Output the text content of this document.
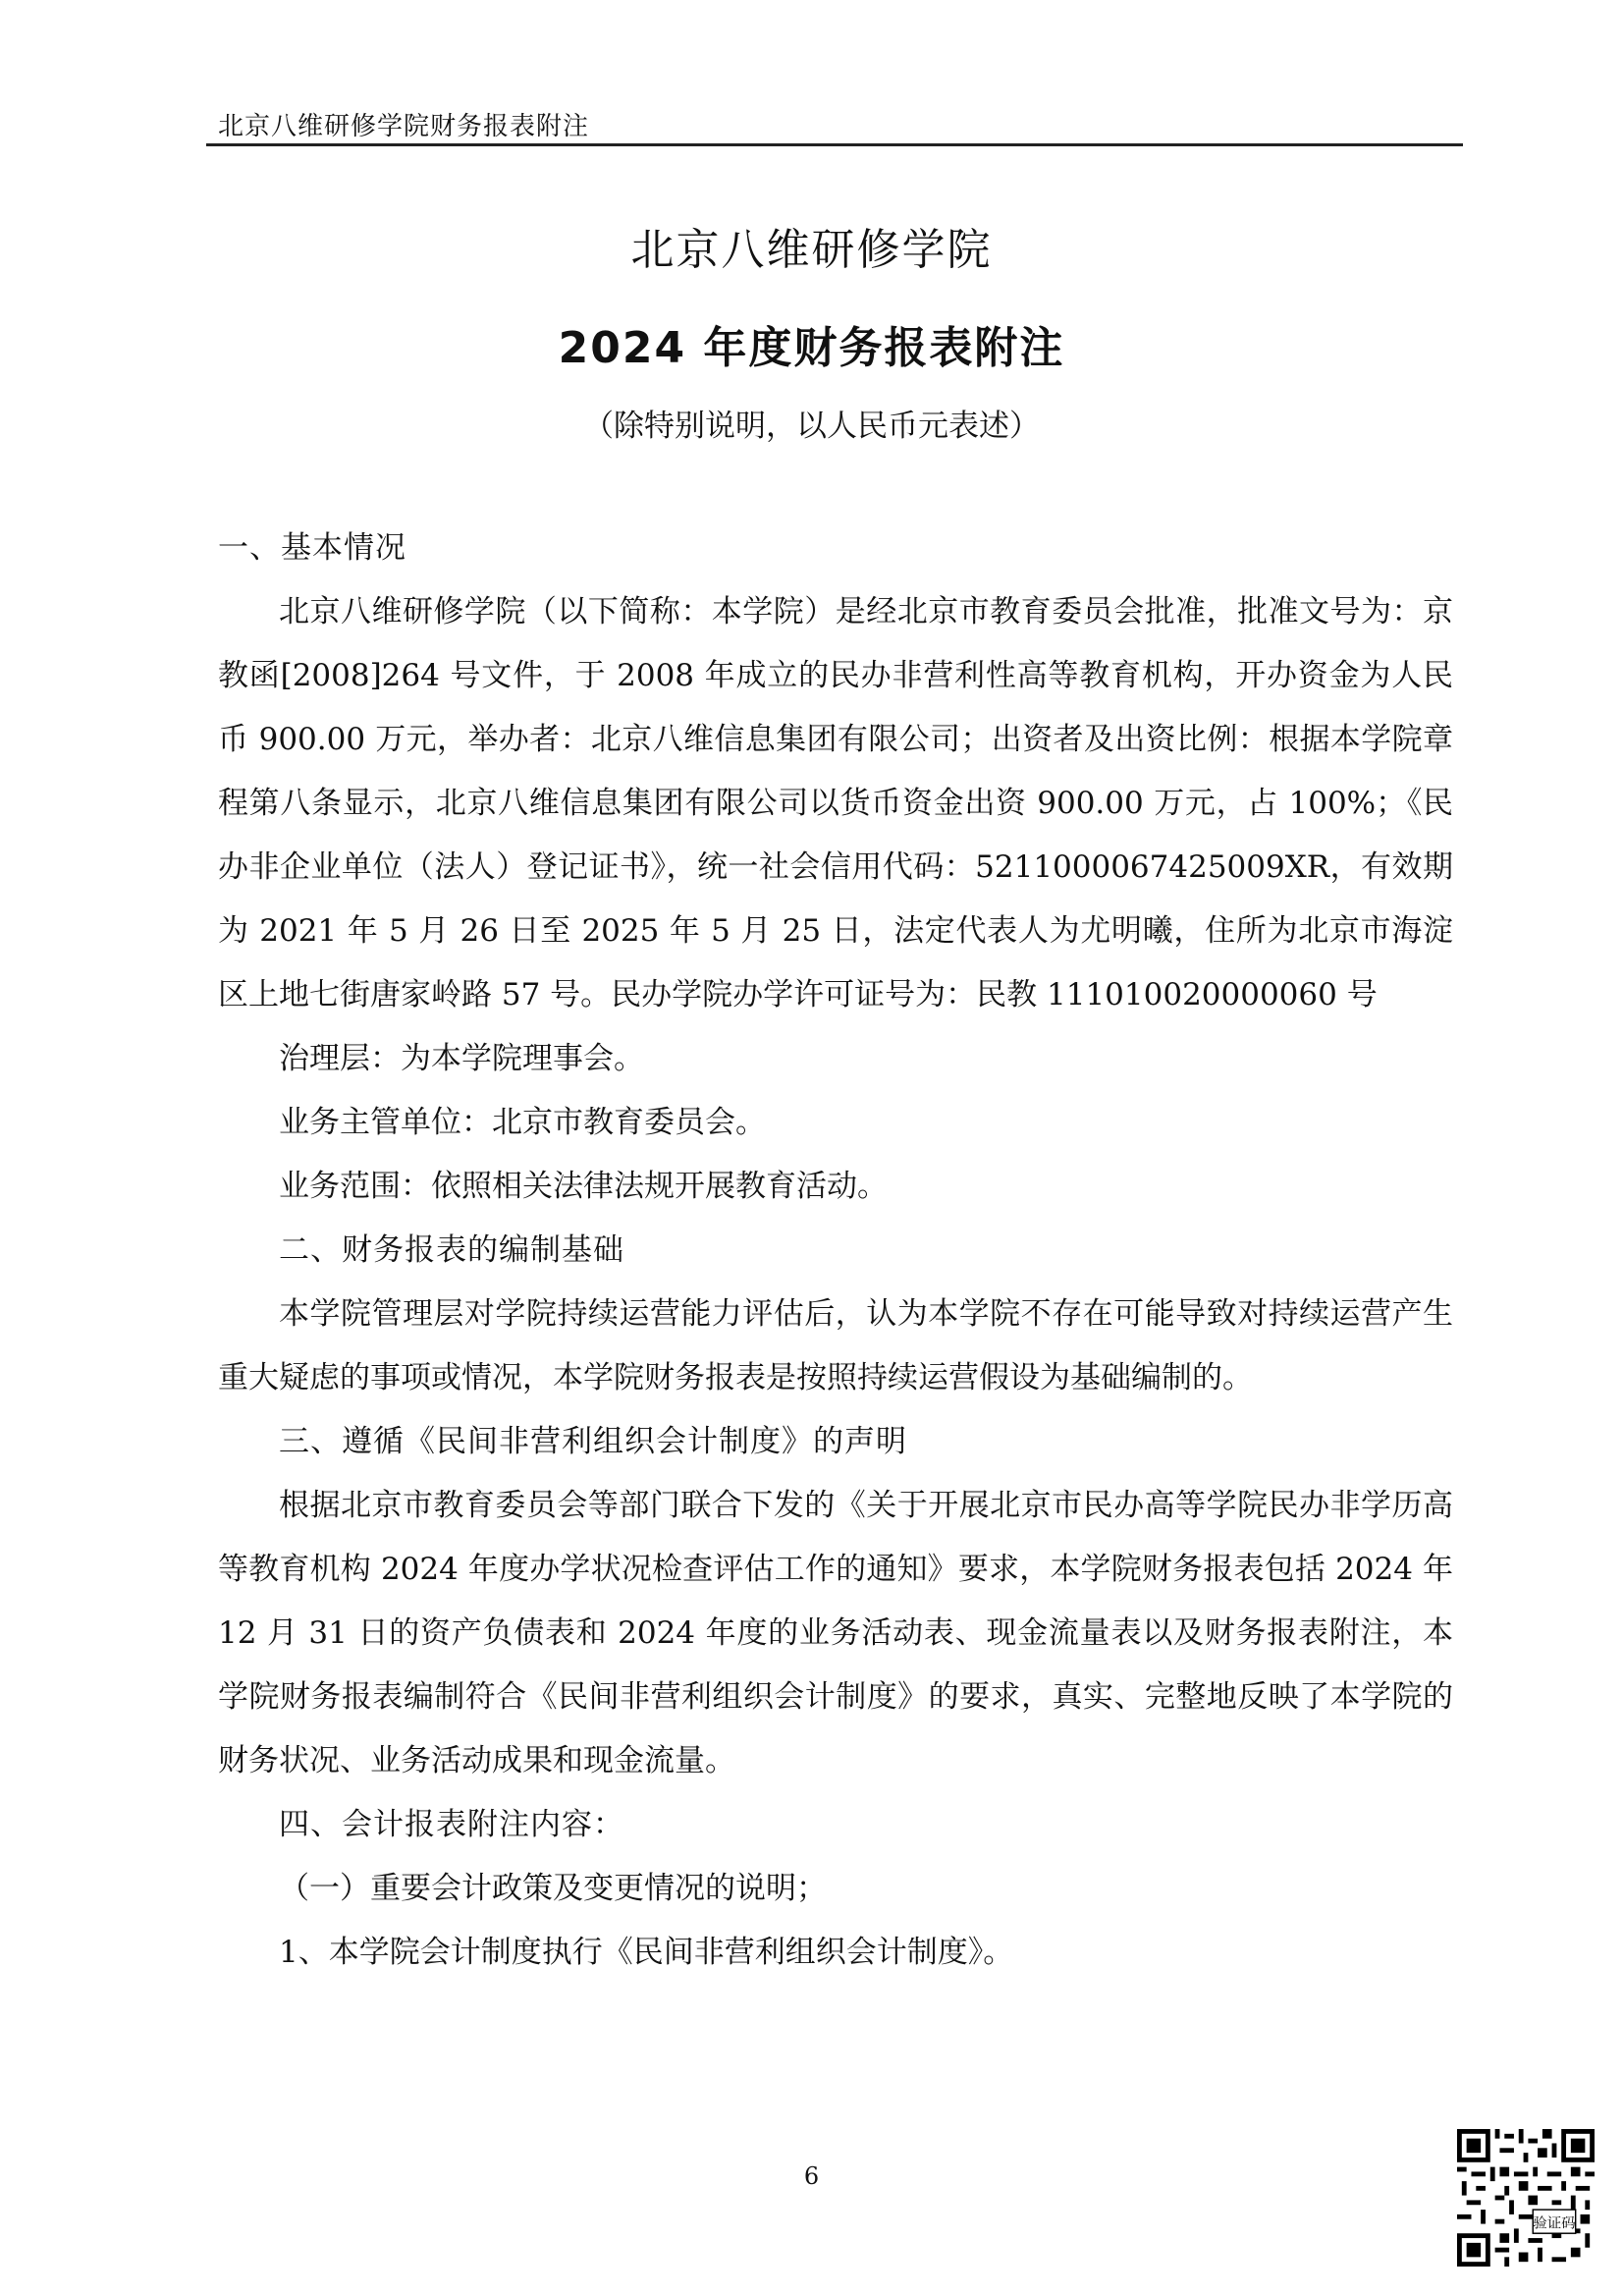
北京八维研修学院财务报表附注
北京八维研修学院
2024 年度财务报表附注
（除特别说明，以人民币元表述）

一、基本情况

北京八维研修学院（以下简称：本学院）是经北京市教育委员会批准，批准文号为：京教函[2008]264 号文件，于 2008 年成立的民办非营利性高等教育机构，开办资金为人民币 900.00 万元，举办者：北京八维信息集团有限公司；出资者及出资比例：根据本学院章程第八条显示，北京八维信息集团有限公司以货币资金出资 900.00 万元，占 100%；《民办非企业单位（法人）登记证书》，统一社会信用代码：5211000067425009XR，有效期为 2021 年 5 月 26 日至 2025 年 5 月 25 日，法定代表人为尤明曦，住所为北京市海淀区上地七街唐家岭路 57 号。民办学院办学许可证号为：民教 111010020000060 号

治理层：为本学院理事会。

业务主管单位：北京市教育委员会。

业务范围：依照相关法律法规开展教育活动。

二、财务报表的编制基础

本学院管理层对学院持续运营能力评估后，认为本学院不存在可能导致对持续运营产生重大疑虑的事项或情况，本学院财务报表是按照持续运营假设为基础编制的。

三、遵循《民间非营利组织会计制度》的声明

根据北京市教育委员会等部门联合下发的《关于开展北京市民办高等学院民办非学历高等教育机构 2024 年度办学状况检查评估工作的通知》要求，本学院财务报表包括 2024 年 12 月 31 日的资产负债表和 2024 年度的业务活动表、现金流量表以及财务报表附注，本学院财务报表编制符合《民间非营利组织会计制度》的要求，真实、完整地反映了本学院的财务状况、业务活动成果和现金流量。

四、会计报表附注内容：

（一）重要会计政策及变更情况的说明；

1、本学院会计制度执行《民间非营利组织会计制度》。

6
验证码
